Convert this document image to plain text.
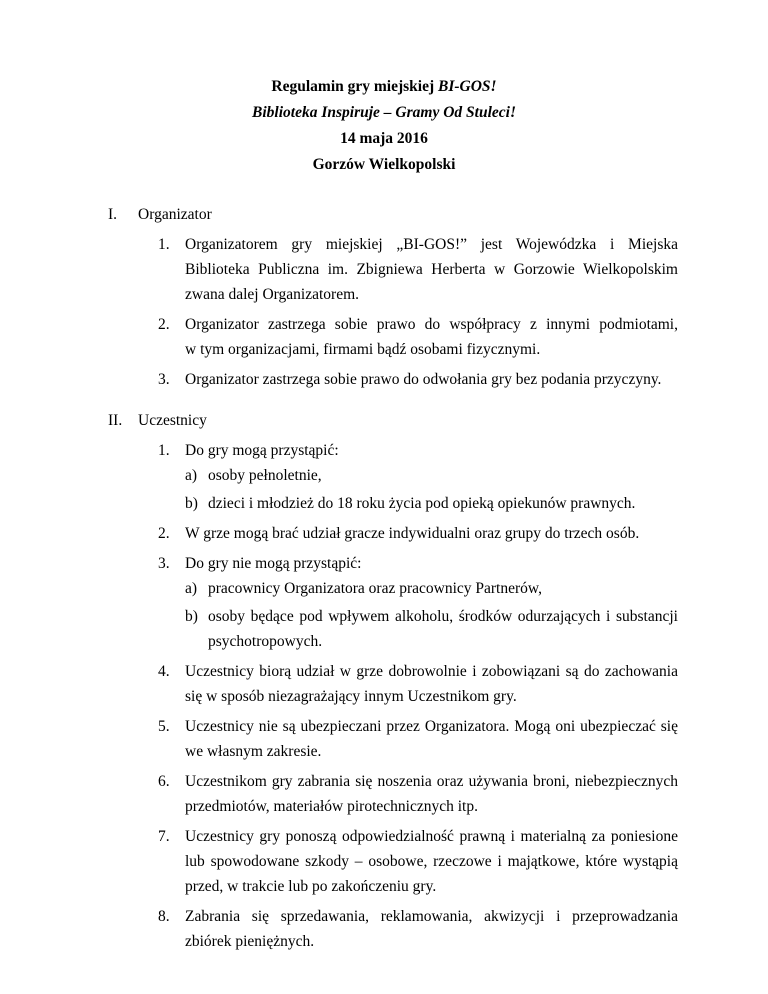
Regulamin gry miejskiej BI-GOS!
Biblioteka Inspiruje – Gramy Od Stuleci!
14 maja 2016
Gorzów Wielkopolski
I. Organizator
1. Organizatorem gry miejskiej „BI-GOS!” jest Wojewódzka i Miejska
Biblioteka Publiczna im. Zbigniewa Herberta w Gorzowie Wielkopolskim
zwana dalej Organizatorem.
2. Organizator zastrzega sobie prawo do współpracy z innymi podmiotami,
w tym organizacjami, firmami bądź osobami fizycznymi.
3. Organizator zastrzega sobie prawo do odwołania gry bez podania przyczyny.
II. Uczestnicy
1. Do gry mogą przystąpić:
a) osoby pełnoletnie,
b) dzieci i młodzież do 18 roku życia pod opieką opiekunów prawnych.
2. W grze mogą brać udział gracze indywidualni oraz grupy do trzech osób.
3. Do gry nie mogą przystąpić:
a) pracownicy Organizatora oraz pracownicy Partnerów,
b) osoby będące pod wpływem alkoholu, środków odurzających i substancji
psychotropowych.
4. Uczestnicy biorą udział w grze dobrowolnie i zobowiązani są do zachowania
się w sposób niezagrażający innym Uczestnikom gry.
5. Uczestnicy nie są ubezpieczani przez Organizatora. Mogą oni ubezpieczać się
we własnym zakresie.
6. Uczestnikom gry zabrania się noszenia oraz używania broni, niebezpiecznych
przedmiotów, materiałów pirotechnicznych itp.
7. Uczestnicy gry ponoszą odpowiedzialność prawną i materialną za poniesione
lub spowodowane szkody – osobowe, rzeczowe i majątkowe, które wystąpią
przed, w trakcie lub po zakończeniu gry.
8. Zabrania się sprzedawania, reklamowania, akwizycji i przeprowadzania
zbiórek pieniężnych.
